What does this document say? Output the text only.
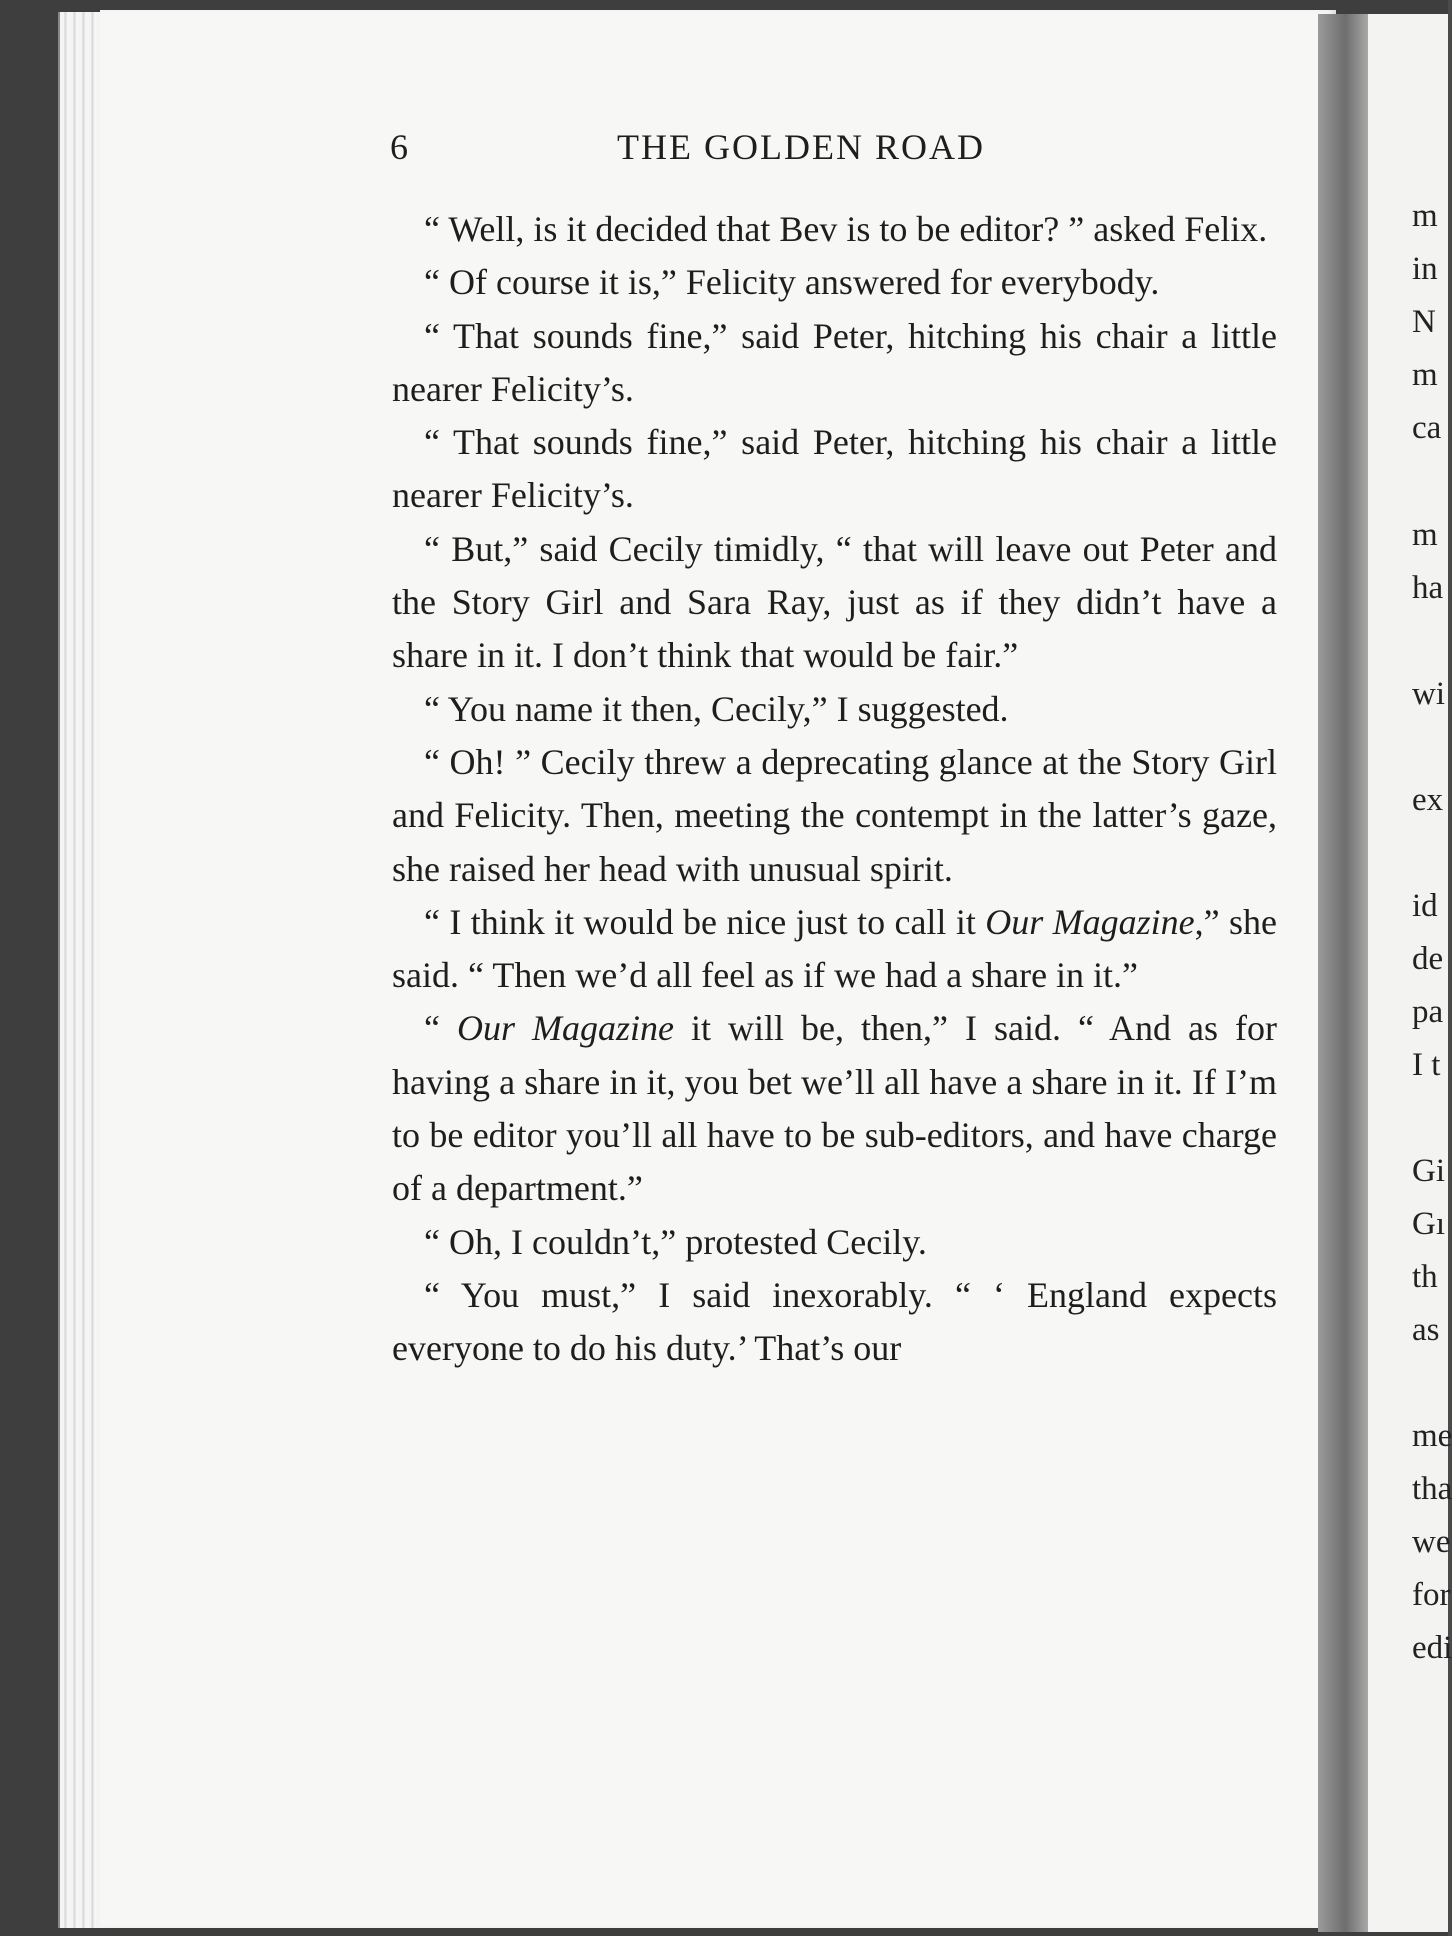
6	THE GOLDEN ROAD

“ Well, is it decided that Bev is to be editor? ” asked Felix.

“ Of course it is,” Felicity answered for everybody.

“ That sounds fine,” said Peter, hitching his chair a little nearer Felicity’s.

“ That sounds fine,” said Peter, hitching his chair a little nearer Felicity’s.

“ But,” said Cecily timidly, “ that will leave out Peter and the Story Girl and Sara Ray, just as if they didn’t have a share in it. I don’t think that would be fair.”

“ You name it then, Cecily,” I suggested.

“ Oh! ” Cecily threw a deprecating glance at the Story Girl and Felicity. Then, meeting the contempt in the latter’s gaze, she raised her head with unusual spirit.

“ I think it would be nice just to call it Our Magazine,” she said. “ Then we’d all feel as if we had a share in it.”

“ Our Magazine it will be, then,” I said. “ And as for having a share in it, you bet we’ll all have a share in it. If I’m to be editor you’ll all have to be sub-editors, and have charge of a department.”

“ Oh, I couldn’t,” protested Cecily.

“ You must,” I said inexorably. “ ‘ England expects everyone to do his duty.’ That’s our

m
in
N
m
ca
m
ha
wi
ex
id
de
pa
I t
Gi
Gı
th
as
me
tha
we
for
edi
